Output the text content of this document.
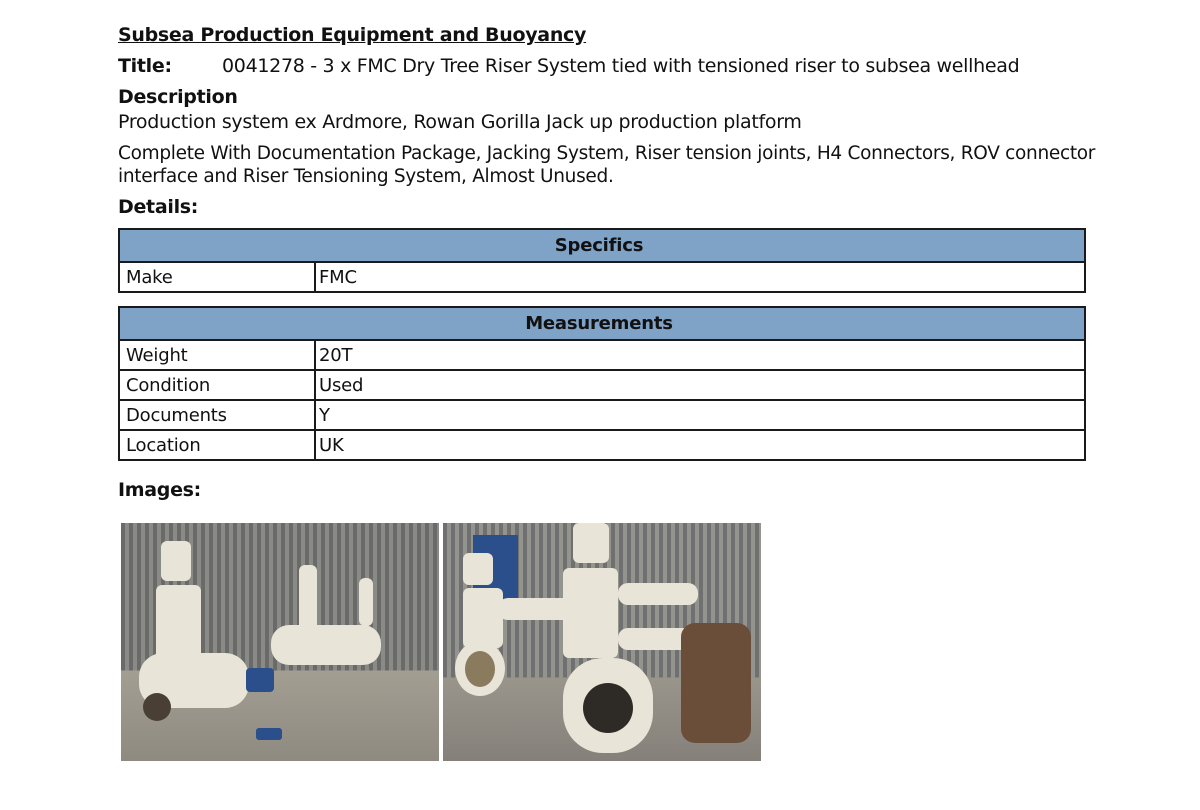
Subsea Production Equipment and Buoyancy
Title:	0041278 - 3 x FMC Dry Tree Riser System tied with tensioned riser to subsea wellhead
Description
Production system ex Ardmore, Rowan Gorilla Jack up production platform
Complete With Documentation Package, Jacking System, Riser tension joints, H4 Connectors, ROV connector interface and Riser Tensioning System, Almost Unused.
Details:
Specifics
Make	FMC
Measurements	
Weight	20T
Condition	Used
Documents	Y
Location	UK
Images:
